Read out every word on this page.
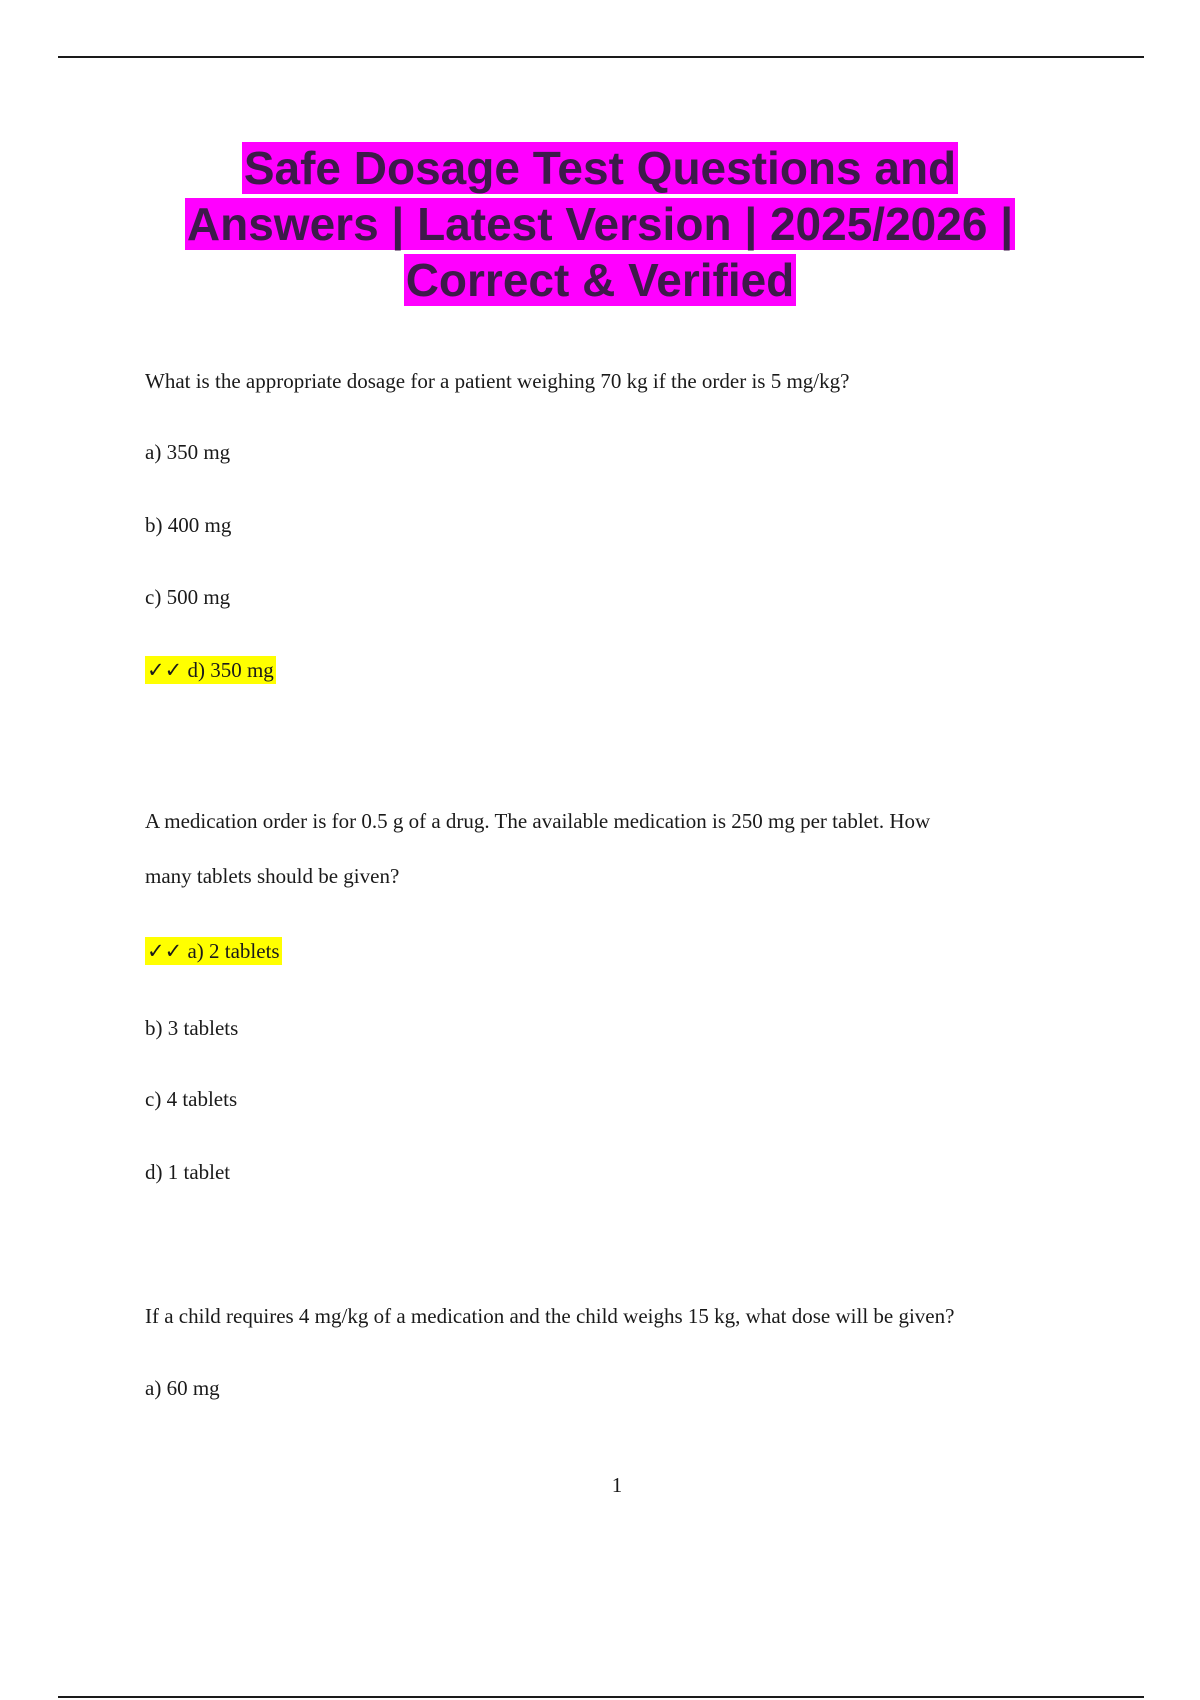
Safe Dosage Test Questions and
Answers | Latest Version | 2025/2026 |
Correct & Verified

What is the appropriate dosage for a patient weighing 70 kg if the order is 5 mg/kg?

a) 350 mg

b) 400 mg

c) 500 mg

✓✓ d) 350 mg

A medication order is for 0.5 g of a drug. The available medication is 250 mg per tablet. How

many tablets should be given?

✓✓ a) 2 tablets

b) 3 tablets

c) 4 tablets

d) 1 tablet

If a child requires 4 mg/kg of a medication and the child weighs 15 kg, what dose will be given?

a) 60 mg

1
